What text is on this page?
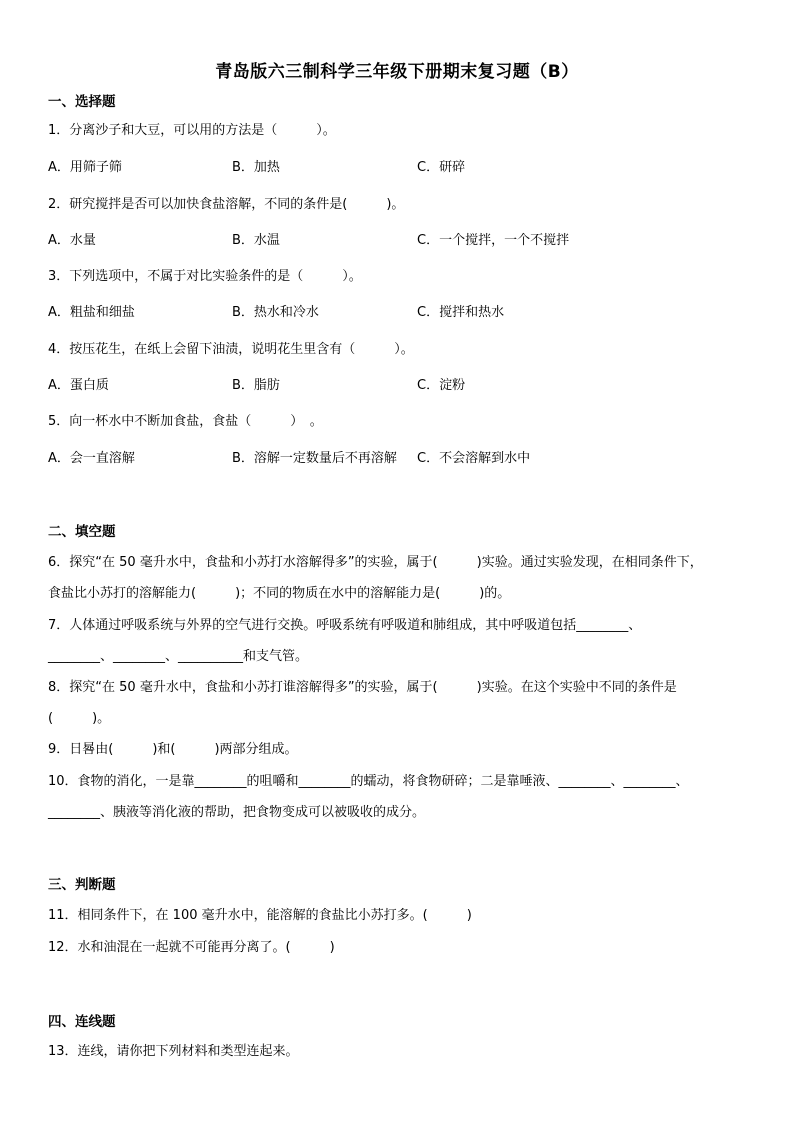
青岛版六三制科学三年级下册期末复习题（B）
一、选择题
1．分离沙子和大豆，可以用的方法是（　　　）。
A．用筛子筛	B．加热	C．研碎
2．研究搅拌是否可以加快食盐溶解，不同的条件是(　　　)。
A．水量	B．水温	C．一个搅拌，一个不搅拌
3．下列选项中，不属于对比实验条件的是（　　　）。
A．粗盐和细盐	B．热水和冷水	C．搅拌和热水
4．按压花生，在纸上会留下油渍，说明花生里含有（　　　）。
A．蛋白质	B．脂肪	C．淀粉
5．向一杯水中不断加食盐，食盐（　　　）　。
A．会一直溶解	B．溶解一定数量后不再溶解 C．不会溶解到水中
二、填空题
6．探究“在 50 毫升水中，食盐和小苏打水溶解得多”的实验，属于(　　　)实验。通过实验发现，在相同条件下，
食盐比小苏打的溶解能力(　　　)；不同的物质在水中的溶解能力是(　　　)的。
7．人体通过呼吸系统与外界的空气进行交换。呼吸系统有呼吸道和肺组成，其中呼吸道包括________、
________、________、__________和支气管。
8．探究“在 50 毫升水中，食盐和小苏打谁溶解得多”的实验，属于(　　　)实验。在这个实验中不同的条件是
(　　　)。
9．日晷由(　　　)和(　　　)两部分组成。
10．食物的消化，一是靠________的咀嚼和________的蠕动，将食物研碎；二是靠唾液、________、________、
________、胰液等消化液的帮助，把食物变成可以被吸收的成分。
三、判断题
11．相同条件下，在 100 毫升水中，能溶解的食盐比小苏打多。(　　　)
12．水和油混在一起就不可能再分离了。(　　　)
四、连线题
13．连线，请你把下列材料和类型连起来。
